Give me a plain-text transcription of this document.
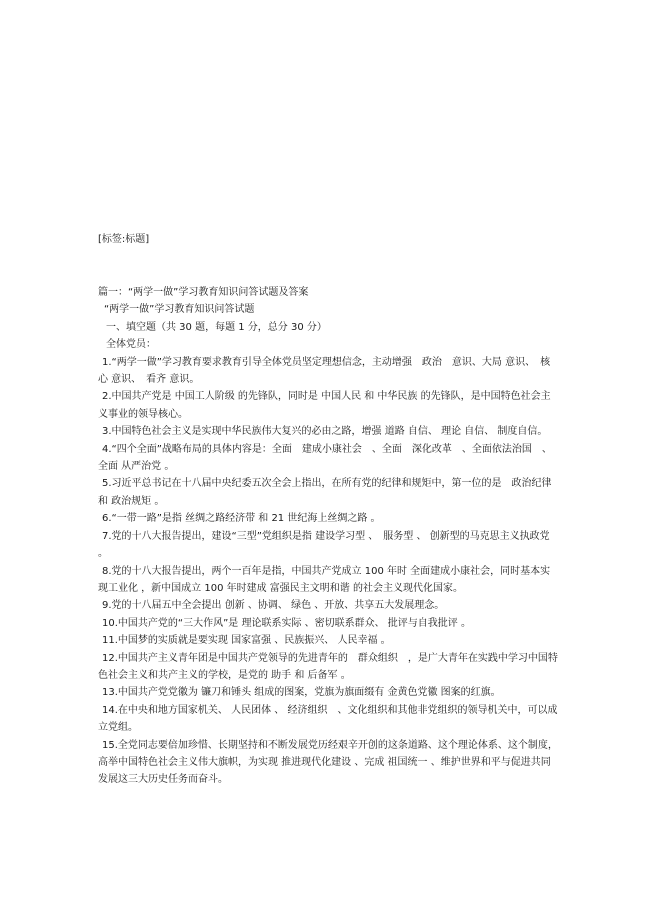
[标签:标题]

篇一：“两学一做”学习教育知识问答试题及答案

“两学一做”学习教育知识问答试题

一、填空题（共 30 题，每题 1 分，总分 30 分）

全体党员：

1.“两学一做”学习教育要求教育引导全体党员坚定理想信念，主动增强　政治　意识、大局 意识、　核心 意识、　看齐 意识。

2.中国共产党是 中国工人阶级 的先锋队，同时是 中国人民 和 中华民族 的先锋队，是中国特色社会主义事业的领导核心。

3.中国特色社会主义是实现中华民族伟大复兴的必由之路，增强 道路 自信、 理论 自信、 制度自信。

4.“四个全面”战略布局的具体内容是：全面　建成小康社会　、全面　深化改革　、全面依法治国　、全面 从严治党 。

5.习近平总书记在十八届中央纪委五次全会上指出，在所有党的纪律和规矩中，第一位的是　政治纪律 和 政治规矩 。

6.“一带一路”是指 丝绸之路经济带 和 21 世纪海上丝绸之路 。

7.党的十八大报告提出，建设“三型”党组织是指 建设学习型 、　服务型 、 创新型的马克思主义执政党 。

8.党的十八大报告提出，两个一百年是指，中国共产党成立 100 年时 全面建成小康社会，同时基本实现工业化 ，新中国成立 100 年时建成 富强民主文明和谐 的社会主义现代化国家。

9.党的十八届五中全会提出 创新 、协调、 绿色 、开放、共享五大发展理念。

10.中国共产党的“三大作风”是 理论联系实际 、密切联系群众、 批评与自我批评 。

11.中国梦的实质就是要实现 国家富强 、民族振兴、 人民幸福 。

12.中国共产主义青年团是中国共产党领导的先进青年的　群众组织　，是广大青年在实践中学习中国特色社会主义和共产主义的学校，是党的 助手 和 后备军 。

13.中国共产党党徽为 镰刀和锤头 组成的图案，党旗为旗面缀有 金黄色党徽 图案的红旗。

14.在中央和地方国家机关、 人民团体 、 经济组织　、文化组织和其他非党组织的领导机关中，可以成立党组。

15.全党同志要倍加珍惜、长期坚持和不断发展党历经艰辛开创的这条道路、这个理论体系、这个制度，高举中国特色社会主义伟大旗帜，为实现 推进现代化建设 、完成 祖国统一 、维护世界和平与促进共同发展这三大历史任务而奋斗。
